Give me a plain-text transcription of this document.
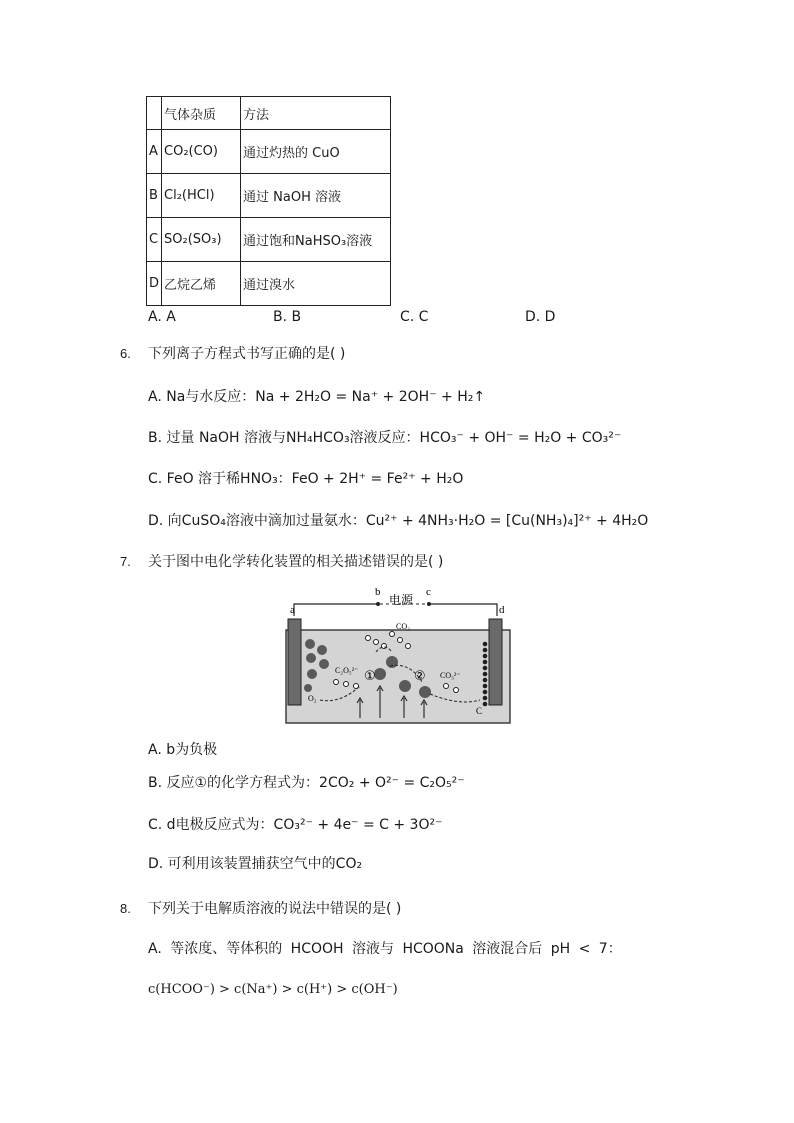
	气体杂质	方法
A	CO₂(CO)	通过灼热的 CuO
B	Cl₂(HCl)	通过 NaOH 溶液
C	SO₂(SO₃)	通过饱和NaHSO₃溶液
D	乙烷乙烯	通过溴水
A. A	B. B	C. C	D. D
6. 下列离子方程式书写正确的是( )
A. Na与水反应：Na + 2H₂O = Na⁺ + 2OH⁻ + H₂↑
B. 过量 NaOH 溶液与NH₄HCO₃溶液反应：HCO₃⁻ + OH⁻ = H₂O + CO₃²⁻
C. FeO 溶于稀HNO₃：FeO + 2H⁺ = Fe²⁺ + H₂O
D. 向CuSO₄溶液中滴加过量氨水：Cu²⁺ + 4NH₃·H₂O = [Cu(NH₃)₄]²⁺ + 4H₂O
7. 关于图中电化学转化装置的相关描述错误的是( )
b	c
a	d
电源
CO₂
C₂O₅²⁻
O₂
CO₃²⁻
C
①	②
A. b为负极
B. 反应①的化学方程式为：2CO₂ + O²⁻ = C₂O₅²⁻
C. d电极反应式为：CO₃²⁻ + 4e⁻ = C + 3O²⁻
D. 可利用该装置捕获空气中的CO₂
8. 下列关于电解质溶液的说法中错误的是( )
A. 等浓度、等体积的 HCOOH 溶液与 HCOONa 溶液混合后 pH < 7：
c(HCOO⁻) > c(Na⁺) > c(H⁺) > c(OH⁻)
